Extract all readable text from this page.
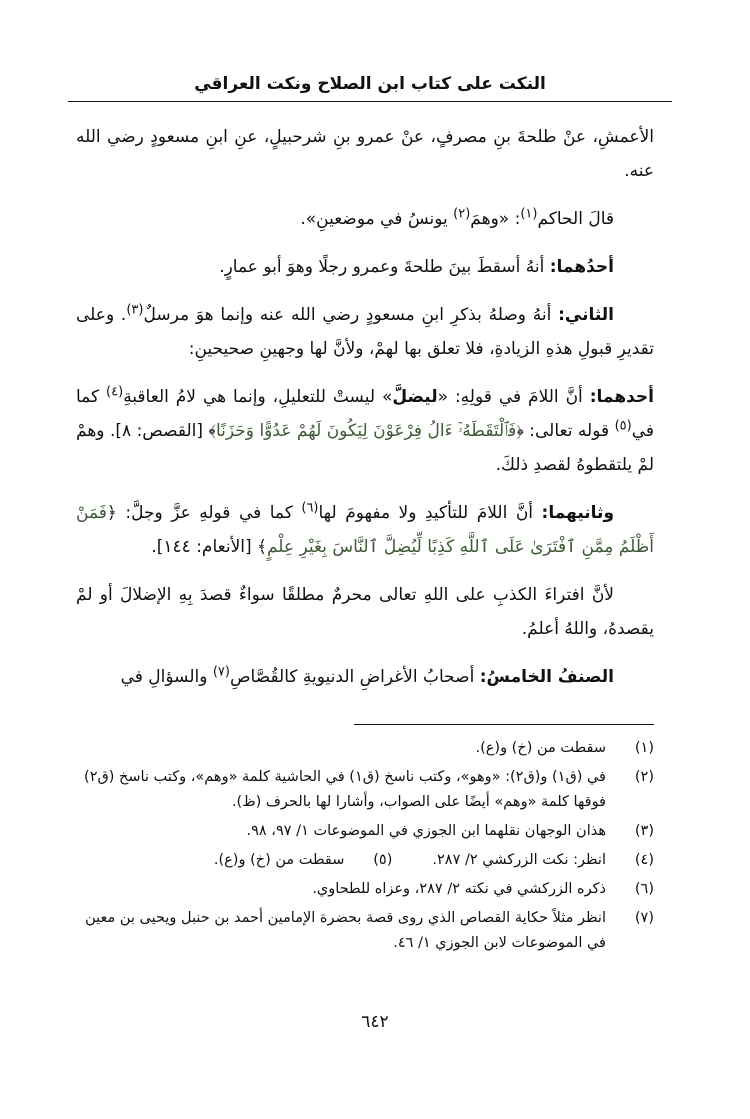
النكت على كتاب ابن الصلاح ونكت العراقي

الأعمشِ، عنْ طلحةَ بنِ مصرفٍ، عنْ عمرو بنِ شرحبيلٍ، عنِ ابنِ مسعودٍ رضي الله عنه.

قالَ الحاكم$^{(١)}$: «وهمَ$^{(٢)}$ يونسُ في موضعينِ».

أحدُهما: أنهُ أسقطَ بينَ طلحةَ وعمرو رجلًا وهوَ أبو عمارٍ.

الثاني: أنهُ وصلهُ بذكرِ ابنِ مسعودٍ رضي الله عنه وإنما هوَ مرسلٌ$^{(٣)}$. وعلى تقديرِ قبولِ هذهِ الزيادةِ، فلا تعلق بها لهمْ، ولأنَّ لها وجهينِ صحيحينِ:

أحدهما: أنَّ اللامَ في قولِهِ: «ليضلَّ» ليستْ للتعليلِ، وإنما هي لامُ العاقبةِ$^{(٤)}$ كما في$^{(٥)}$ قوله تعالى: ﴿فَٱلْتَقَطَهُۥٓ ءَالُ فِرْعَوْنَ لِيَكُونَ لَهُمْ عَدُوًّا وَحَزَنًا﴾ [القصص: ٨]. وهمْ لمْ يلتقطوهُ لقصدِ ذلكَ.

وثانيهما: أنَّ اللامَ للتأكيدِ ولا مفهومَ لها$^{(٦)}$ كما في قولهِ عزَّ وجلَّ: ﴿فَمَنْ أَظْلَمُ مِمَّنِ ٱفْتَرَىٰ عَلَى ٱللَّهِ كَذِبًا لِّيُضِلَّ ٱلنَّاسَ بِغَيْرِ عِلْمٍ﴾ [الأنعام: ١٤٤].

لأنَّ افتراءَ الكذبِ على اللهِ تعالى محرمٌ مطلقًا سواءٌ قصدَ بِهِ الإضلالَ أو لمْ يقصدهُ، واللهُ أعلمُ.

الصنفُ الخامسُ: أصحابُ الأغراضِ الدنيويةِ كالقُصَّاصِ$^{(٧)}$ والسؤالِ في

(١)
سقطت من (خ) و(ع).
(٢)
في (ق١) و(ق٢): «وهو»، وكتب ناسخ (ق١) في الحاشية كلمة «وهم»، وكتب ناسخ (ق٢) فوقها كلمة «وهم» أيضًا على الصواب، وأشارا لها بالحرف (ظ).
(٣)
هذان الوجهان نقلهما ابن الجوزي في الموضوعات ١/ ٩٧، ٩٨.
(٤)
انظر: نكت الزركشي ٢/ ٢٨٧.
(٥)
سقطت من (خ) و(ع).
(٦)
ذكره الزركشي في نكته ٢/ ٢٨٧، وعزاه للطحاوي.
(٧)
انظر مثلاً حكاية القصاص الذي روى قصة بحضرة الإمامين أحمد بن حنبل ويحيى بن معين في الموضوعات لابن الجوزي ١/ ٤٦.
٦٤٢
